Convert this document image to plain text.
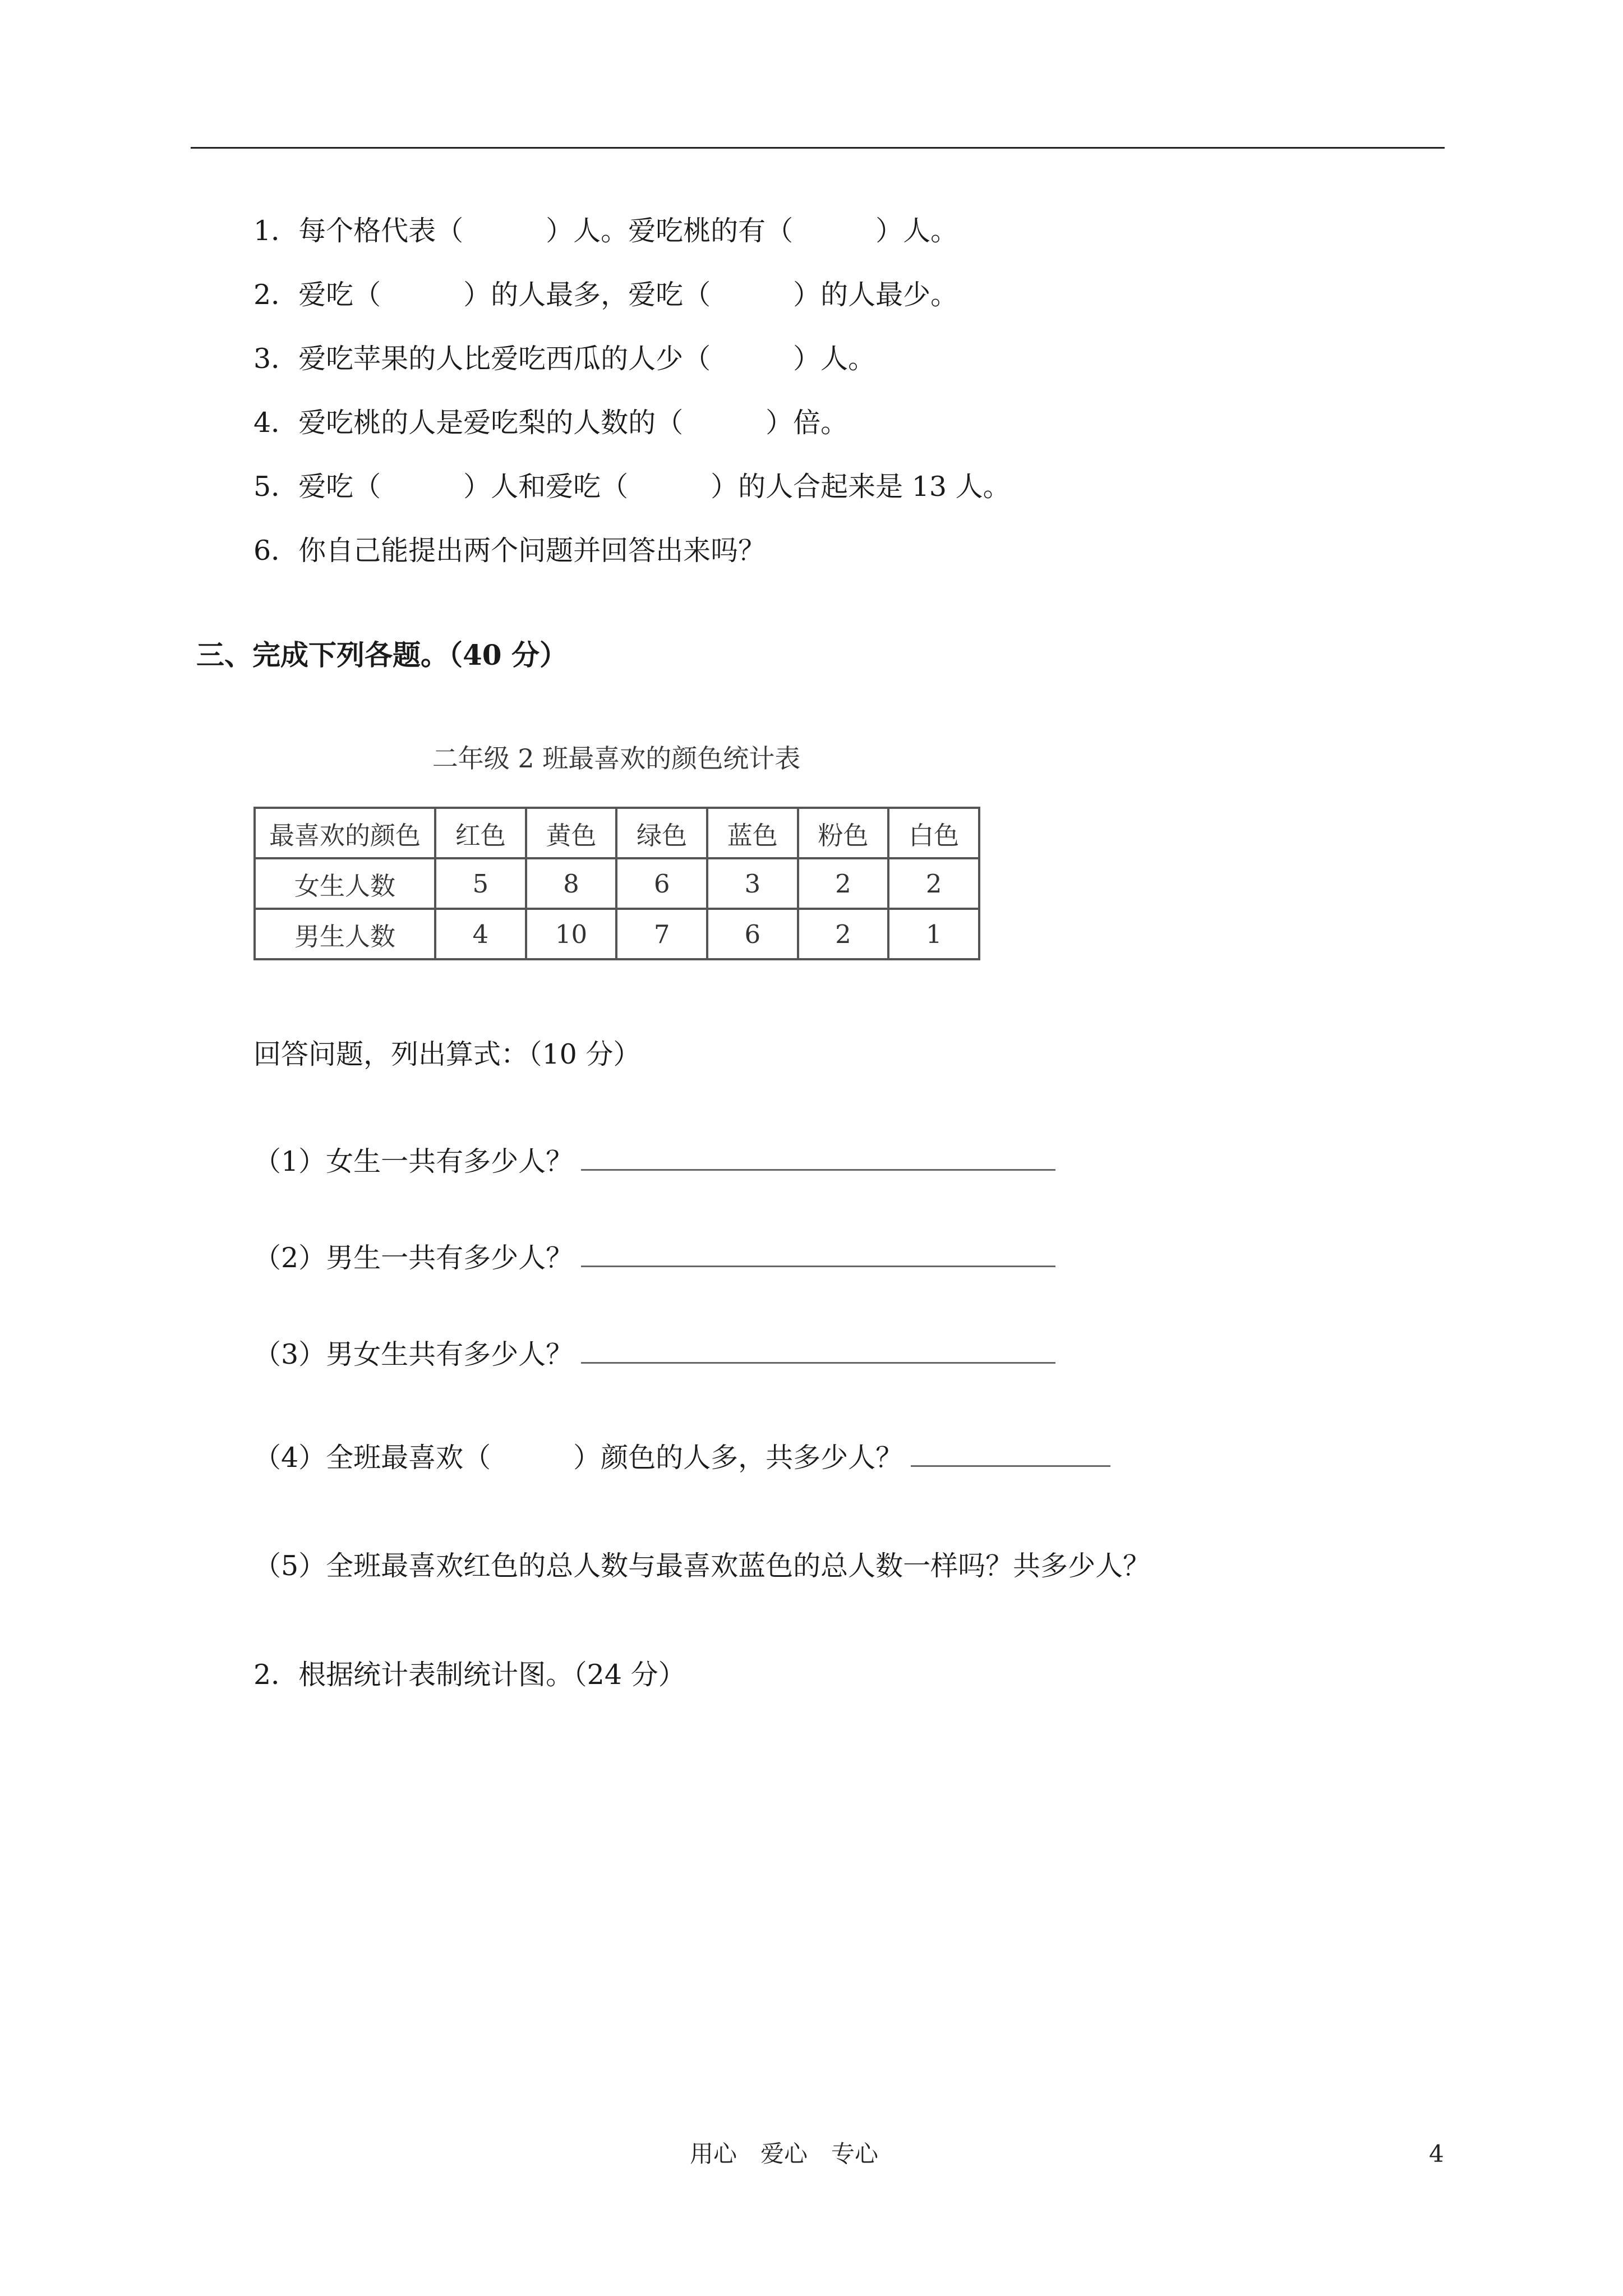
1．每个格代表（　　　）人。爱吃桃的有（　　　）人。
2．爱吃（　　　）的人最多，爱吃（　　　）的人最少。
3．爱吃苹果的人比爱吃西瓜的人少（　　　）人。
4．爱吃桃的人是爱吃梨的人数的（　　　）倍。
5．爱吃（　　　）人和爱吃（　　　）的人合起来是 13 人。
6．你自己能提出两个问题并回答出来吗？
三、完成下列各题。（40 分）
二年级 2 班最喜欢的颜色统计表
最喜欢的颜色	红色	黄色	绿色	蓝色	粉色	白色
女生人数	5	8	6	3	2	2
男生人数	4	10	7	6	2	1
回答问题，列出算式：（10 分）
（1）女生一共有多少人？
（2）男生一共有多少人？
（3）男女生共有多少人？
（4）全班最喜欢（　　　）颜色的人多，共多少人？
（5）全班最喜欢红色的总人数与最喜欢蓝色的总人数一样吗？共多少人？
2．根据统计表制统计图。（24 分）
用心　爱心　专心	4
